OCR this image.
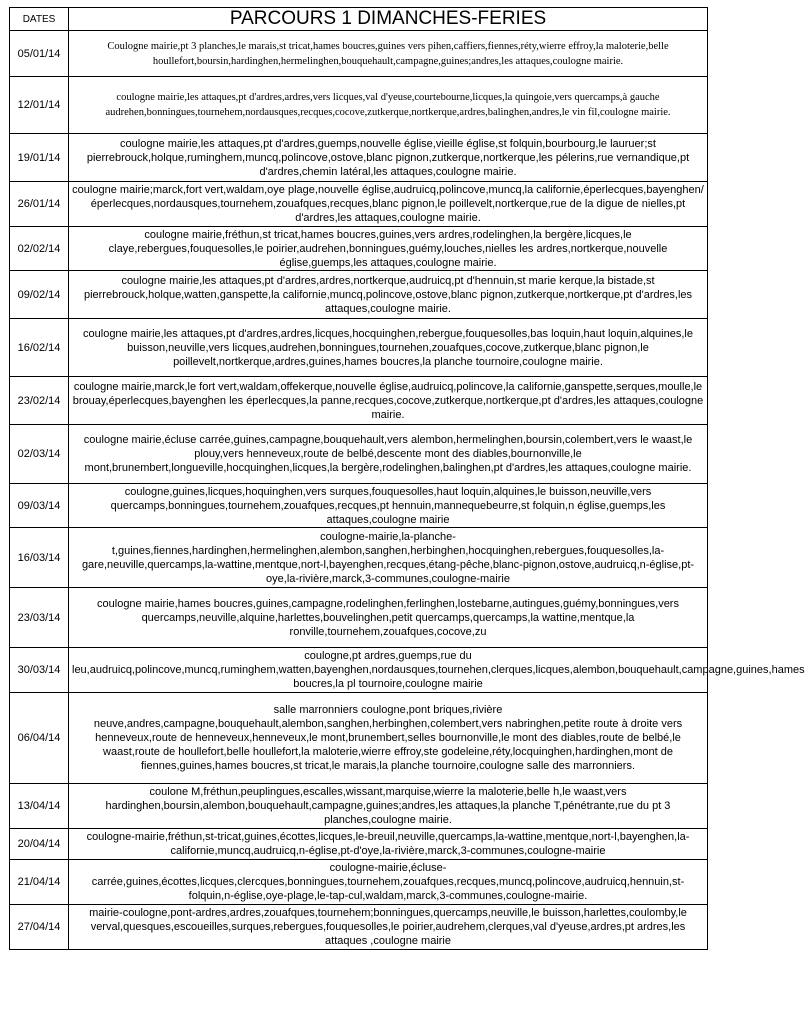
DATES	PARCOURS 1 DIMANCHES-FERIES
05/01/14	Coulogne mairie,pt 3 planches,le marais,st tricat,hames boucres,guines vers pihen,caffiers,fiennes,réty,wierre effroy,la maloterie,belle houllefort,boursin,hardinghen,hermelinghen,bouquehault,campagne,guines;andres,les attaques,coulogne mairie.
12/01/14	coulogne mairie,les attaques,pt d'ardres,ardres,vers licques,val d'yeuse,courtebourne,licques,la quingoie,vers quercamps,à gauche audrehen,bonningues,tournehem,nordausques,recques,cocove,zutkerque,nortkerque,ardres,balinghen,andres,le vin fil,coulogne mairie.
19/01/14	coulogne mairie,les attaques,pt d'ardres,guemps,nouvelle église,vieille église,st folquin,bourbourg,le lauruer;st pierrebrouck,holque,ruminghem,muncq,polincove,ostove,blanc pignon,zutkerque,nortkerque,les pélerins,rue vernandique,pt d'ardres,chemin latéral,les attaques,coulogne mairie.
26/01/14	coulogne mairie;marck,fort vert,waldam,oye plage,nouvelle église,audruicq,polincove,muncq,la californie,éperlecques,bayenghen/éperlecques,nordausques,tournehem,zouafques,recques,blanc pignon,le poillevelt,nortkerque,rue de la digue de nielles,pt d'ardres,les attaques,coulogne mairie.
02/02/14	coulogne mairie,fréthun,st tricat,hames boucres,guines,vers ardres,rodelinghen,la bergère,licques,le claye,rebergues,fouquesolles,le poirier,audrehen,bonningues,guémy,louches,nielles les ardres,nortkerque,nouvelle église,guemps,les attaques,coulogne mairie.
09/02/14	coulogne mairie,les attaques,pt d'ardres,ardres,nortkerque,audruicq,pt d'hennuin,st marie kerque,la bistade,st pierrebrouck,holque,watten,ganspette,la californie,muncq,polincove,ostove,blanc pignon,zutkerque,nortkerque,pt d'ardres,les attaques,coulogne mairie.
16/02/14	coulogne mairie,les attaques,pt d'ardres,ardres,licques,hocquinghen,rebergue,fouquesolles,bas loquin,haut loquin,alquines,le buisson,neuville,vers licques,audrehen,bonningues,tournehen,zouafques,cocove,zutkerque,blanc pignon,le poillevelt,nortkerque,ardres,guines,hames boucres,la planche tournoire,coulogne mairie.
23/02/14	coulogne mairie,marck,le fort vert,waldam,offekerque,nouvelle église,audruicq,polincove,la californie,ganspette,serques,moulle,le brouay,éperlecques,bayenghen les éperlecques,la panne,recques,cocove,zutkerque,nortkerque,pt d'ardres,les attaques,coulogne mairie.
02/03/14	coulogne mairie,écluse carrée,guines,campagne,bouquehault,vers alembon,hermelinghen,boursin,colembert,vers le waast,le plouy,vers henneveux,route de belbé,descente mont des diables,bournonville,le mont,brunembert,longueville,hocquinghen,licques,la bergère,rodelinghen,balinghen,pt d'ardres,les attaques,coulogne mairie.
09/03/14	coulogne,guines,licques,hoquinghen,vers surques,fouquesolles,haut loquin,alquines,le buisson,neuville,vers quercamps,bonningues,tournehem,zouafques,recques,pt hennuin,mannequebeurre,st folquin,n église,guemps,les attaques,coulogne mairie
16/03/14	coulogne-mairie,la-planche-t,guines,fiennes,hardinghen,hermelinghen,alembon,sanghen,herbinghen,hocquinghen,rebergues,fouquesolles,la-gare,neuville,quercamps,la-wattine,mentque,nort-l,bayenghen,recques,étang-pêche,blanc-pignon,ostove,audruicq,n-église,pt-oye,la-rivière,marck,3-communes,coulogne-mairie
23/03/14	coulogne mairie,hames boucres,guines,campagne,rodelinghen,ferlinghen,lostebarne,autingues,guémy,bonningues,vers quercamps,neuville,alquine,harlettes,bouvelinghen,petit quercamps,quercamps,la wattine,mentque,la ronville,tournehem,zouafques,cocove,zu
30/03/14	coulogne,pt ardres,guemps,rue du leu,audruicq,polincove,muncq,ruminghem,watten,bayenghen,nordausques,tournehen,clerques,licques,alembon,bouquehault,campagne,guines,hames boucres,la pl tournoire,coulogne mairie
06/04/14	salle marronniers coulogne,pont briques,rivière neuve,andres,campagne,bouquehault,alembon,sanghen,herbinghen,colembert,vers nabringhen,petite route à droite vers henneveux,route de henneveux,henneveux,le mont,brunembert,selles bournonville,le mont des diables,route de belbé,le waast,route de houllefort,belle houllefort,la maloterie,wierre effroy,ste godeleine,réty,locquinghen,hardinghen,mont de fiennes,guines,hames boucres,st tricat,le marais,la planche tournoire,coulogne salle des marronniers.
13/04/14	coulone M,fréthun,peuplingues,escalles,wissant,marquise,wierre la maloterie,belle h,le waast,vers hardinghen,boursin,alembon,bouquehault,campagne,guines;andres,les attaques,la planche T,pénétrante,rue du pt 3 planches,coulogne mairie.
20/04/14	coulogne-mairie,fréthun,st-tricat,guines,écottes,licques,le-breuil,neuville,quercamps,la-wattine,mentque,nort-l,bayenghen,la-californie,muncq,audruicq,n-église,pt-d'oye,la-rivière,marck,3-communes,coulogne-mairie
21/04/14	coulogne-mairie,écluse-carrée,guines,écottes,licques,clercques,bonningues,tournehem,zouafques,recques,muncq,polincove,audruicq,hennuin,st-folquin,n-église,oye-plage,le-tap-cul,waldam,marck,3-communes,coulogne-mairie.
27/04/14	mairie-coulogne,pont-ardres,ardres,zouafques,tournehem;bonningues,quercamps,neuville,le buisson,harlettes,coulomby,le verval,quesques,escoueilles,surques,rebergues,fouquesolles,le poirier,audrehem,clerques,val d'yeuse,ardres,pt ardres,les attaques ,coulogne mairie
